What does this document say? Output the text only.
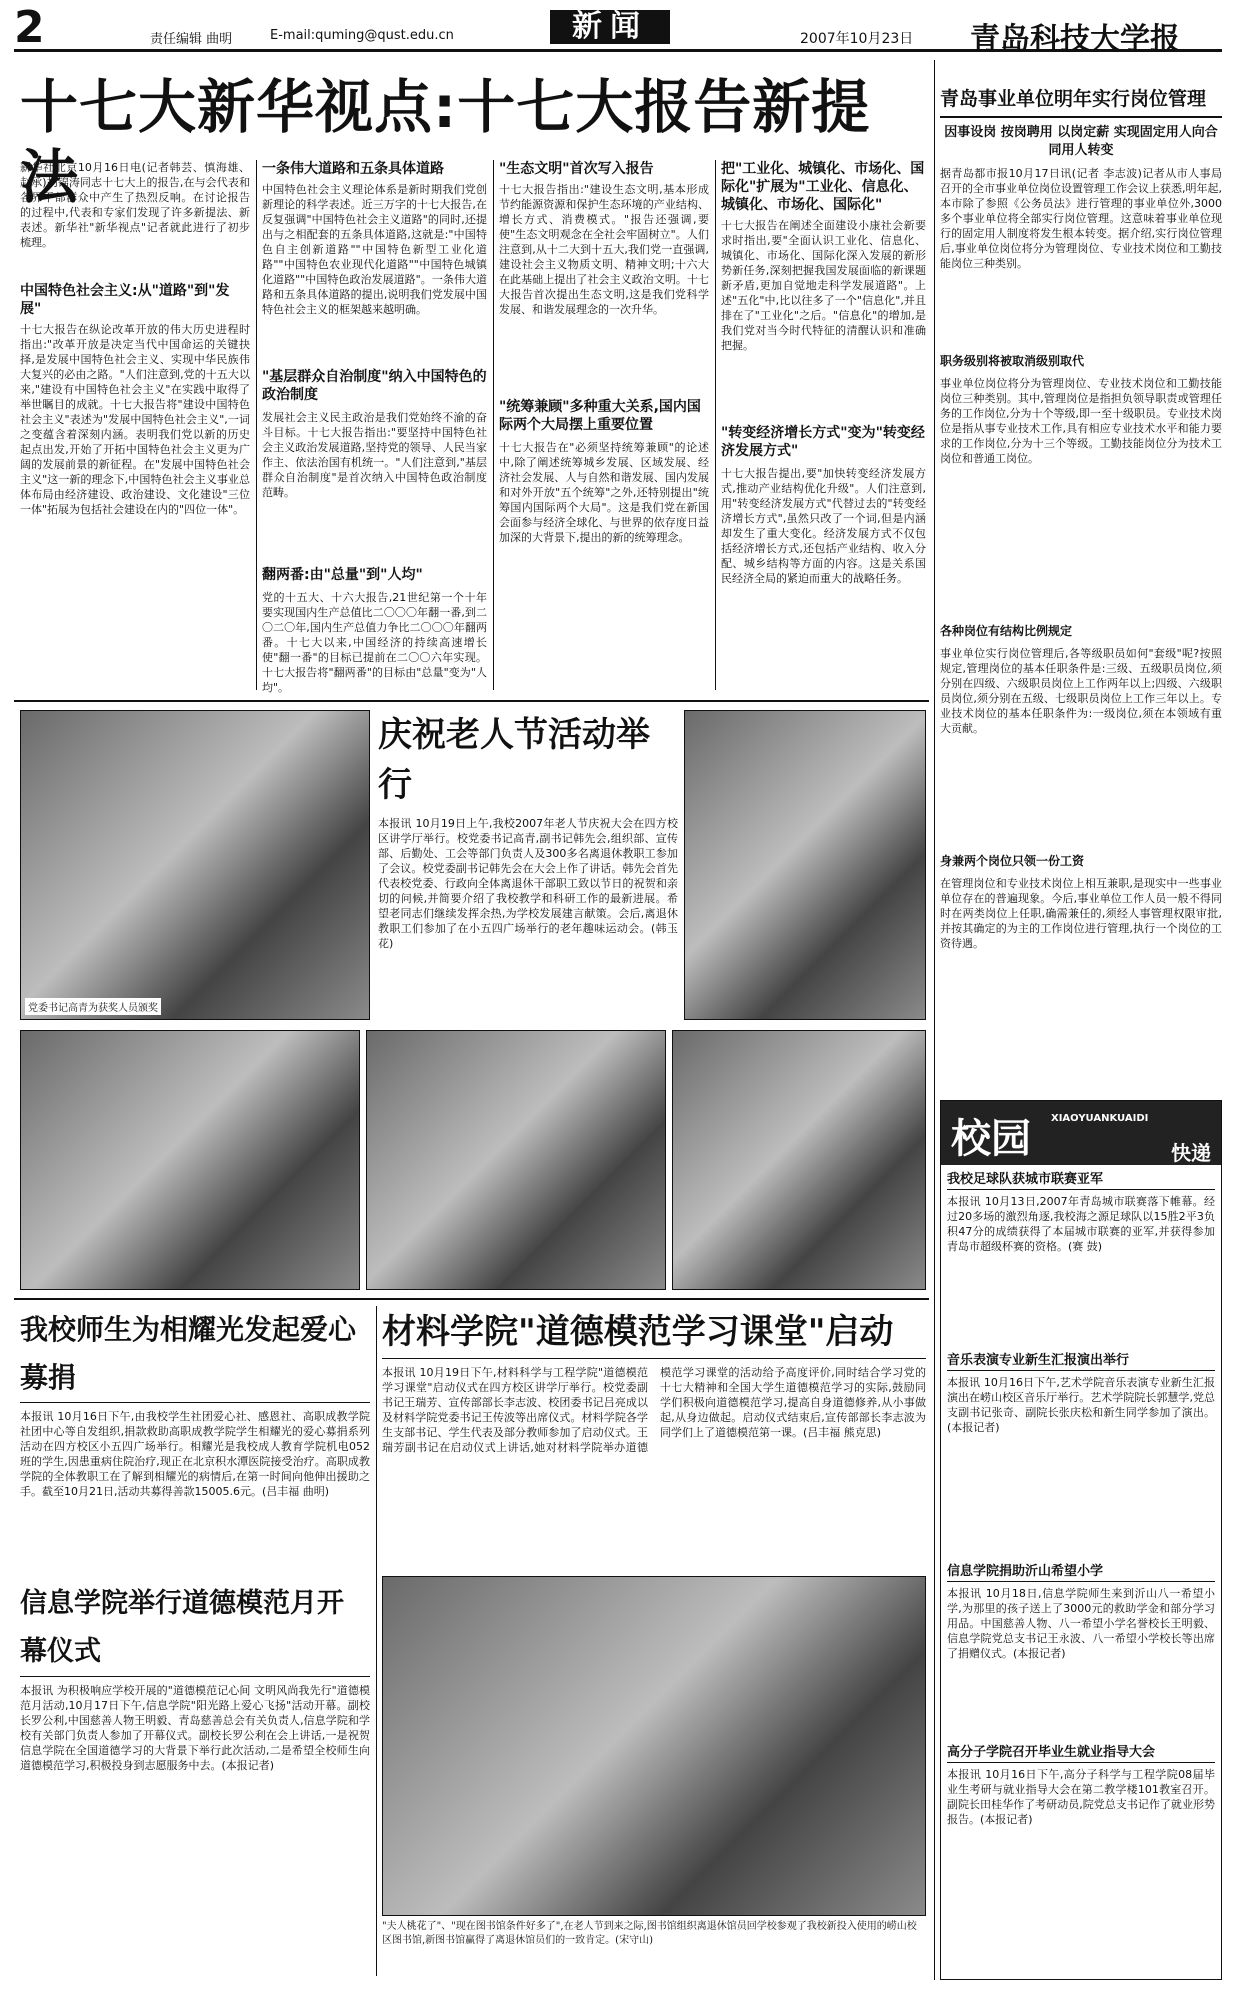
2	责任编辑 曲明	E-mail:quming@qust.edu.cn	新闻	2007年10月23日 青岛科技大学报
十七大新华视点:十七大报告新提法

新华社北京10月16日电(记者韩芸、慎海雄、赵承)胡锦涛同志十七大上的报告,在与会代表和各界干部群众中产生了热烈反响。在讨论报告的过程中,代表和专家们发现了许多新提法、新表述。新华社"新华视点"记者就此进行了初步梳理。

中国特色社会主义:从"道路"到"发展"

十七大报告在纵论改革开放的伟大历史进程时指出:"改革开放是决定当代中国命运的关键抉择,是发展中国特色社会主义、实现中华民族伟大复兴的必由之路。"人们注意到,党的十五大以来,"建设有中国特色社会主义"在实践中取得了举世瞩目的成就。十七大报告将"建设中国特色社会主义"表述为"发展中国特色社会主义",一词之变蕴含着深刻内涵。表明我们党以新的历史起点出发,开始了开拓中国特色社会主义更为广阔的发展前景的新征程。在"发展中国特色社会主义"这一新的理念下,中国特色社会主义事业总体布局由经济建设、政治建设、文化建设"三位一体"拓展为包括社会建设在内的"四位一体"。

一条伟大道路和五条具体道路

中国特色社会主义理论体系是新时期我们党创新理论的科学表述。近三万字的十七大报告,在反复强调"中国特色社会主义道路"的同时,还提出与之相配套的五条具体道路,这就是:"中国特色自主创新道路""中国特色新型工业化道路""中国特色农业现代化道路""中国特色城镇化道路""中国特色政治发展道路"。一条伟大道路和五条具体道路的提出,说明我们党发展中国特色社会主义的框架越来越明确。

"基层群众自治制度"纳入中国特色的政治制度

发展社会主义民主政治是我们党始终不渝的奋斗目标。十七大报告指出:"要坚持中国特色社会主义政治发展道路,坚持党的领导、人民当家作主、依法治国有机统一。"人们注意到,"基层群众自治制度"是首次纳入中国特色政治制度范畴。

翻两番:由"总量"到"人均"

党的十五大、十六大报告,21世纪第一个十年要实现国内生产总值比二〇〇〇年翻一番,到二〇二〇年,国内生产总值力争比二〇〇〇年翻两番。十七大以来,中国经济的持续高速增长使"翻一番"的目标已提前在二〇〇六年实现。十七大报告将"翻两番"的目标由"总量"变为"人均"。

"生态文明"首次写入报告

十七大报告指出:"建设生态文明,基本形成节约能源资源和保护生态环境的产业结构、增长方式、消费模式。"报告还强调,要使"生态文明观念在全社会牢固树立"。人们注意到,从十二大到十五大,我们党一直强调,建设社会主义物质文明、精神文明;十六大在此基础上提出了社会主义政治文明。十七大报告首次提出生态文明,这是我们党科学发展、和谐发展理念的一次升华。

"统筹兼顾"多种重大关系,国内国际两个大局摆上重要位置

十七大报告在"必须坚持统筹兼顾"的论述中,除了阐述统筹城乡发展、区域发展、经济社会发展、人与自然和谐发展、国内发展和对外开放"五个统筹"之外,还特别提出"统筹国内国际两个大局"。这是我们党在新国会面参与经济全球化、与世界的依存度日益加深的大背景下,提出的新的统筹理念。

把"工业化、城镇化、市场化、国际化"扩展为"工业化、信息化、城镇化、市场化、国际化"

十七大报告在阐述全面建设小康社会新要求时指出,要"全面认识工业化、信息化、城镇化、市场化、国际化深入发展的新形势新任务,深刻把握我国发展面临的新课题新矛盾,更加自觉地走科学发展道路"。上述"五化"中,比以往多了一个"信息化",并且排在了"工业化"之后。"信息化"的增加,是我们党对当今时代特征的清醒认识和准确把握。

"转变经济增长方式"变为"转变经济发展方式"

十七大报告提出,要"加快转变经济发展方式,推动产业结构优化升级"。人们注意到,用"转变经济发展方式"代替过去的"转变经济增长方式",虽然只改了一个词,但是内涵却发生了重大变化。经济发展方式不仅包括经济增长方式,还包括产业结构、收入分配、城乡结构等方面的内容。这是关系国民经济全局的紧迫而重大的战略任务。

青岛事业单位明年实行岗位管理

因事设岗 按岗聘用 以岗定薪 实现固定用人向合同用人转变

据青岛都市报10月17日讯(记者 李志波)记者从市人事局召开的全市事业单位岗位设置管理工作会议上获悉,明年起,本市除了参照《公务员法》进行管理的事业单位外,3000多个事业单位将全部实行岗位管理。这意味着事业单位现行的固定用人制度将发生根本转变。据介绍,实行岗位管理后,事业单位岗位将分为管理岗位、专业技术岗位和工勤技能岗位三种类别。

职务级别将被取消级别取代

事业单位岗位将分为管理岗位、专业技术岗位和工勤技能岗位三种类别。其中,管理岗位是指担负领导职责或管理任务的工作岗位,分为十个等级,即一至十级职员。专业技术岗位是指从事专业技术工作,具有相应专业技术水平和能力要求的工作岗位,分为十三个等级。工勤技能岗位分为技术工岗位和普通工岗位。

各种岗位有结构比例规定

事业单位实行岗位管理后,各等级职员如何"套级"呢?按照规定,管理岗位的基本任职条件是:三级、五级职员岗位,须分别在四级、六级职员岗位上工作两年以上;四级、六级职员岗位,须分别在五级、七级职员岗位上工作三年以上。专业技术岗位的基本任职条件为:一级岗位,须在本领域有重大贡献。

身兼两个岗位只领一份工资

在管理岗位和专业技术岗位上相互兼职,是现实中一些事业单位存在的普遍现象。今后,事业单位工作人员一般不得同时在两类岗位上任职,确需兼任的,须经人事管理权限审批,并按其确定的为主的工作岗位进行管理,执行一个岗位的工资待遇。

校园 XIAOYUANKUAIDI
快递

我校足球队获城市联赛亚军

本报讯 10月13日,2007年青岛城市联赛落下帷幕。经过20多场的激烈角逐,我校海之源足球队以15胜2平3负积47分的成绩获得了本届城市联赛的亚军,并获得参加青岛市超级杯赛的资格。(赛 鼓)

音乐表演专业新生汇报演出举行

本报讯 10月16日下午,艺术学院音乐表演专业新生汇报演出在崂山校区音乐厅举行。艺术学院院长郭慧学,党总支副书记张奇、副院长张庆松和新生同学参加了演出。(本报记者)

信息学院捐助沂山希望小学

本报讯 10月18日,信息学院师生来到沂山八一希望小学,为那里的孩子送上了3000元的救助学金和部分学习用品。中国慈善人物、八一希望小学名誉校长王明毅、信息学院党总支书记王永波、八一希望小学校长等出席了捐赠仪式。(本报记者)

高分子学院召开毕业生就业指导大会

本报讯 10月16日下午,高分子科学与工程学院08届毕业生考研与就业指导大会在第二教学楼101教室召开。副院长田桂华作了考研动员,院党总支书记作了就业形势报告。(本报记者)

党委书记高青为获奖人员颁奖
庆祝老人节活动举行

本报讯 10月19日上午,我校2007年老人节庆祝大会在四方校区讲学厅举行。校党委书记高青,副书记韩先会,组织部、宣传部、后勤处、工会等部门负责人及300多名离退休教职工参加了会议。校党委副书记韩先会在大会上作了讲话。韩先会首先代表校党委、行政向全体离退休干部职工致以节日的祝贺和亲切的问候,并简要介绍了我校教学和科研工作的最新进展。希望老同志们继续发挥余热,为学校发展建言献策。会后,离退休教职工们参加了在小五四广场举行的老年趣味运动会。(韩玉花)

我校师生为相耀光发起爱心募捐

本报讯 10月16日下午,由我校学生社团爱心社、感恩社、高职成教学院社团中心等自发组织,捐款救助高职成教学院学生相耀光的爱心募捐系列活动在四方校区小五四广场举行。相耀光是我校成人教育学院机电052班的学生,因患重病住院治疗,现正在北京积水潭医院接受治疗。高职成教学院的全体教职工在了解到相耀光的病情后,在第一时间向他伸出援助之手。截至10月21日,活动共募得善款15005.6元。(吕丰福 曲明)

信息学院举行道德模范月开幕仪式

本报讯 为积极响应学校开展的"道德模范记心间 文明风尚我先行"道德模范月活动,10月17日下午,信息学院"阳光路上爱心飞扬"活动开幕。副校长罗公利,中国慈善人物王明毅、青岛慈善总会有关负责人,信息学院和学校有关部门负责人参加了开幕仪式。副校长罗公利在会上讲话,一是祝贺信息学院在全国道德学习的大背景下举行此次活动,二是希望全校师生向道德模范学习,积极投身到志愿服务中去。(本报记者)

材料学院"道德模范学习课堂"启动

本报讯 10月19日下午,材料科学与工程学院"道德模范学习课堂"启动仪式在四方校区讲学厅举行。校党委副书记王瑞芳、宣传部部长李志波、校团委书记吕亮成以及材料学院党委书记王传波等出席仪式。材料学院各学生支部书记、学生代表及部分教师参加了启动仪式。王瑞芳副书记在启动仪式上讲话,她对材料学院举办道德模范学习课堂的活动给予高度评价,同时结合学习党的十七大精神和全国大学生道德模范学习的实际,鼓励同学们积极向道德模范学习,提高自身道德修养,从小事做起,从身边做起。启动仪式结束后,宣传部部长李志波为同学们上了道德模范第一课。(吕丰福 熊克思)

"夫人桃花了"、"现在图书馆条件好多了",在老人节到来之际,图书馆组织离退休馆员回学校参观了我校新投入使用的崂山校区图书馆,新图书馆赢得了离退休馆员们的一致肯定。(宋守山)
